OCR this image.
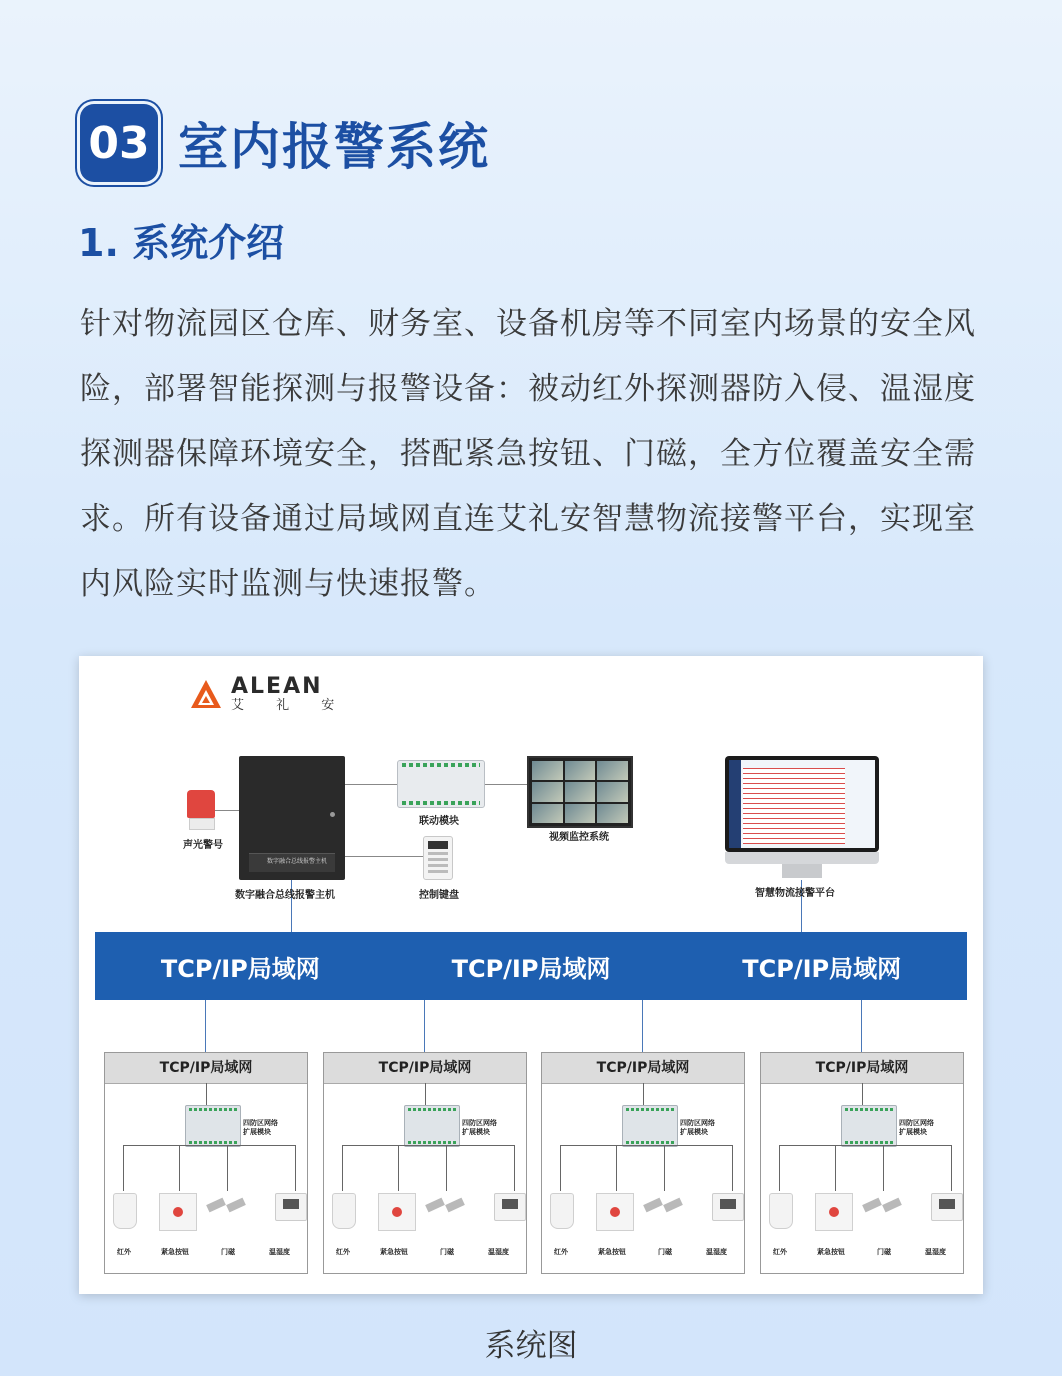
03 室内报警系统
1. 系统介绍
针对物流园区仓库、财务室、设备机房等不同室内场景的安全风险，部署智能探测与报警设备：被动红外探测器防入侵、温湿度探测器保障环境安全，搭配紧急按钮、门磁，全方位覆盖安全需求。所有设备通过局域网直连艾礼安智慧物流接警平台，实现室内风险实时监测与快速报警。
ALEAN
艾 礼 安
声光警号
数字融合总线报警主机
数字融合总线报警主机
联动模块
控制键盘
视频监控系统
智慧物流接警平台
TCP/IP局域网	TCP/IP局域网	TCP/IP局域网
TCP/IP局域网
四防区网络
扩展模块
红外	紧急按钮	门磁	温湿度
TCP/IP局域网
四防区网络
扩展模块
红外	紧急按钮	门磁	温湿度
TCP/IP局域网
四防区网络
扩展模块
红外	紧急按钮	门磁	温湿度
TCP/IP局域网
四防区网络
扩展模块
红外	紧急按钮	门磁	温湿度
系统图
